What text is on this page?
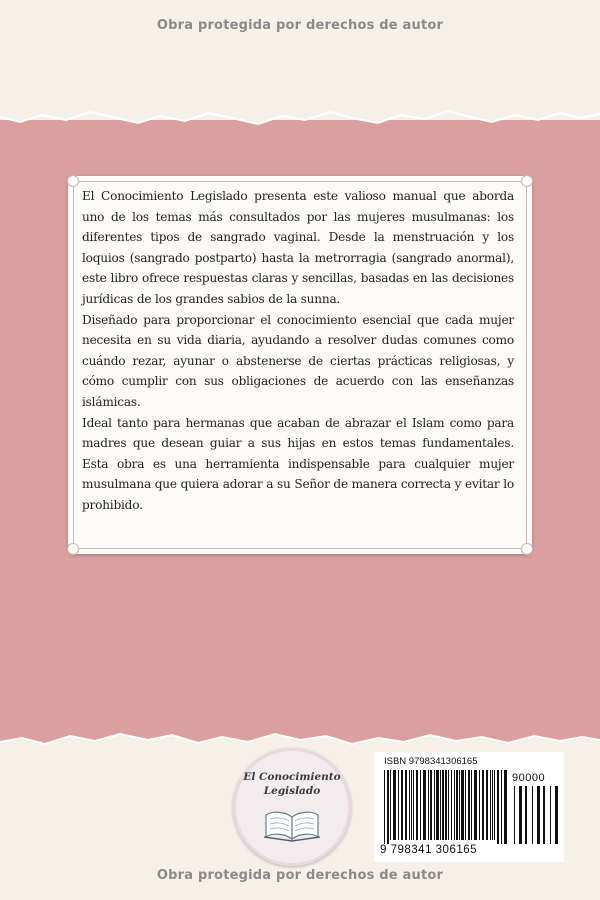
Obra protegida por derechos de autor

El Conocimiento Legislado presenta este valioso manual que aborda uno de los temas más consultados por las mujeres musulmanas: los diferentes tipos de sangrado vaginal. Desde la menstruación y los loquios (sangrado postparto) hasta la metrorragia (sangrado anormal), este libro ofrece respuestas claras y sencillas, basadas en las decisiones jurídicas de los grandes sabios de la sunna.

Diseñado para proporcionar el conocimiento esencial que cada mujer necesita en su vida diaria, ayudando a resolver dudas comunes como cuándo rezar, ayunar o abstenerse de ciertas prácticas religiosas, y cómo cumplir con sus obligaciones de acuerdo con las enseñanzas islámicas.

Ideal tanto para hermanas que acaban de abrazar el Islam como para madres que desean guiar a sus hijas en estos temas fundamentales. Esta obra es una herramienta indispensable para cualquier mujer musulmana que quiera adorar a su Señor de manera correcta y evitar lo prohibido.

El Conocimiento
Legislado
ISBN 9798341306165
90000
9 798341 306165
Obra protegida por derechos de autor
